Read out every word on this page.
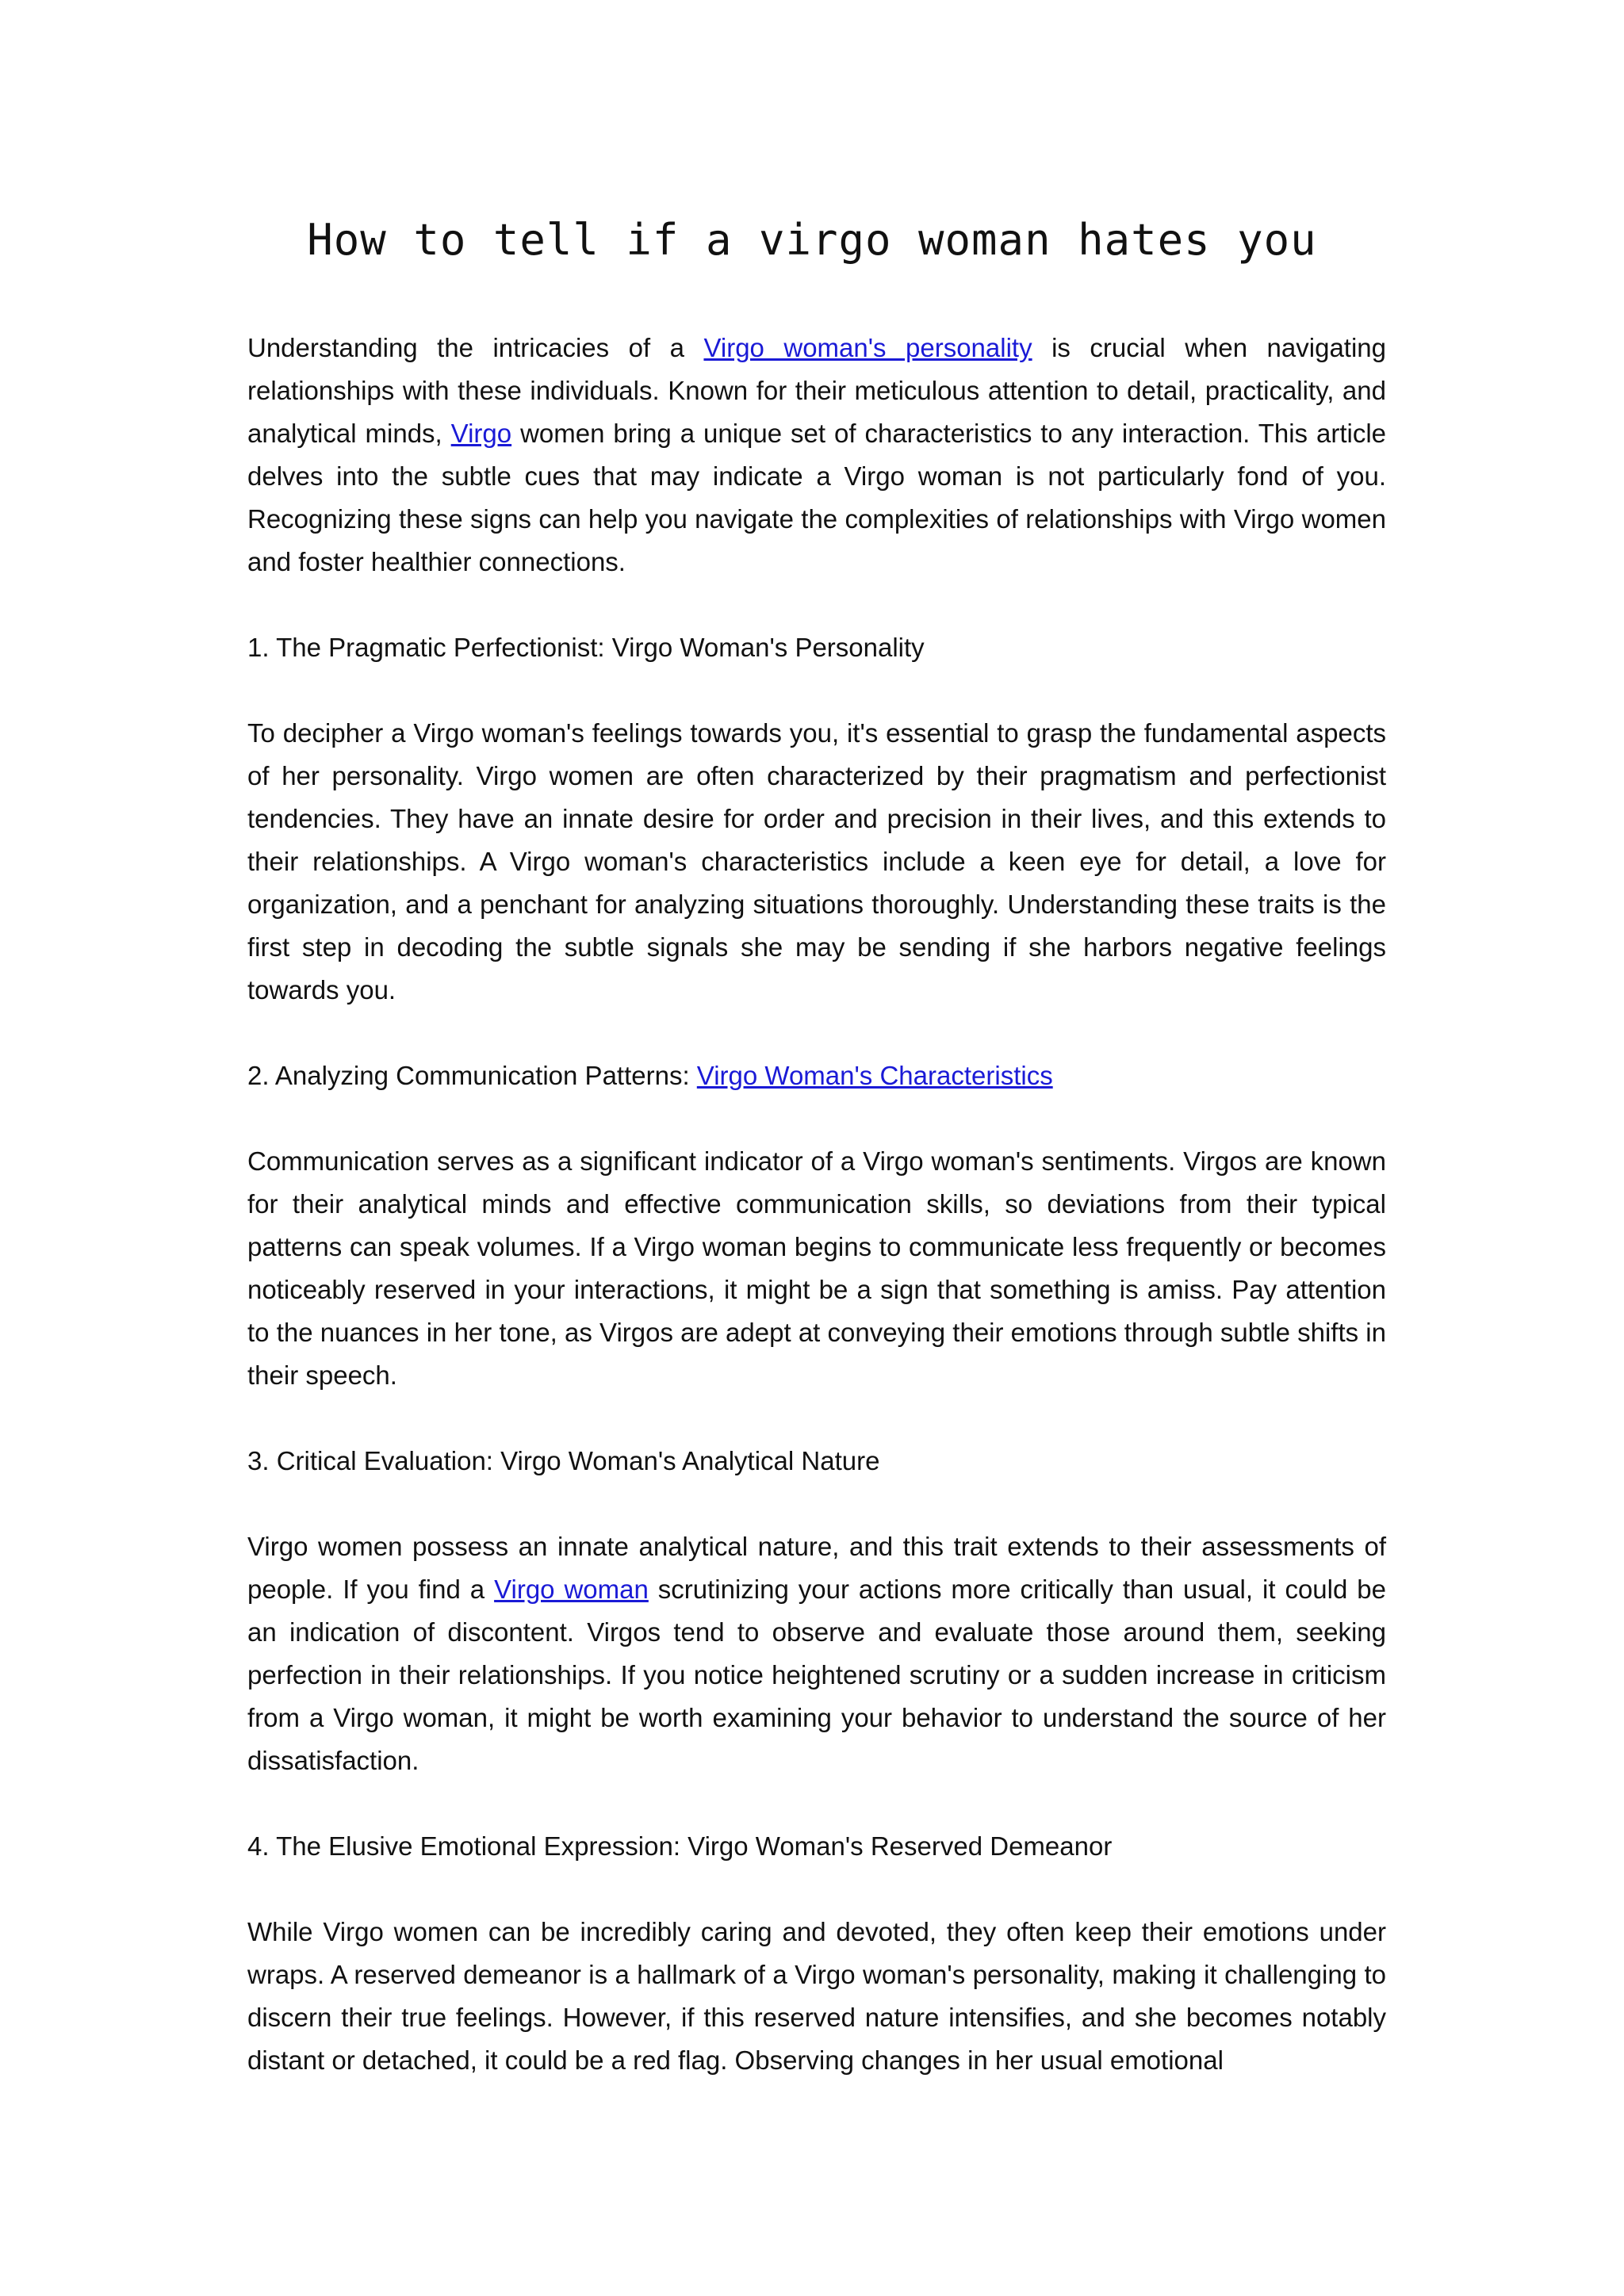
How to tell if a virgo woman hates you

Understanding the intricacies of a Virgo woman's personality is crucial when navigating relationships with these individuals. Known for their meticulous attention to detail, practicality, and analytical minds, Virgo women bring a unique set of characteristics to any interaction. This article delves into the subtle cues that may indicate a Virgo woman is not particularly fond of you. Recognizing these signs can help you navigate the complexities of relationships with Virgo women and foster healthier connections.

1. The Pragmatic Perfectionist: Virgo Woman's Personality

To decipher a Virgo woman's feelings towards you, it's essential to grasp the fundamental aspects of her personality. Virgo women are often characterized by their pragmatism and perfectionist tendencies. They have an innate desire for order and precision in their lives, and this extends to their relationships. A Virgo woman's characteristics include a keen eye for detail, a love for organization, and a penchant for analyzing situations thoroughly. Understanding these traits is the first step in decoding the subtle signals she may be sending if she harbors negative feelings towards you.

2. Analyzing Communication Patterns: Virgo Woman's Characteristics

Communication serves as a significant indicator of a Virgo woman's sentiments. Virgos are known for their analytical minds and effective communication skills, so deviations from their typical patterns can speak volumes. If a Virgo woman begins to communicate less frequently or becomes noticeably reserved in your interactions, it might be a sign that something is amiss. Pay attention to the nuances in her tone, as Virgos are adept at conveying their emotions through subtle shifts in their speech.

3. Critical Evaluation: Virgo Woman's Analytical Nature

Virgo women possess an innate analytical nature, and this trait extends to their assessments of people. If you find a Virgo woman scrutinizing your actions more critically than usual, it could be an indication of discontent. Virgos tend to observe and evaluate those around them, seeking perfection in their relationships. If you notice heightened scrutiny or a sudden increase in criticism from a Virgo woman, it might be worth examining your behavior to understand the source of her dissatisfaction.

4. The Elusive Emotional Expression: Virgo Woman's Reserved Demeanor

While Virgo women can be incredibly caring and devoted, they often keep their emotions under wraps. A reserved demeanor is a hallmark of a Virgo woman's personality, making it challenging to discern their true feelings. However, if this reserved nature intensifies, and she becomes notably distant or detached, it could be a red flag. Observing changes in her usual emotional
